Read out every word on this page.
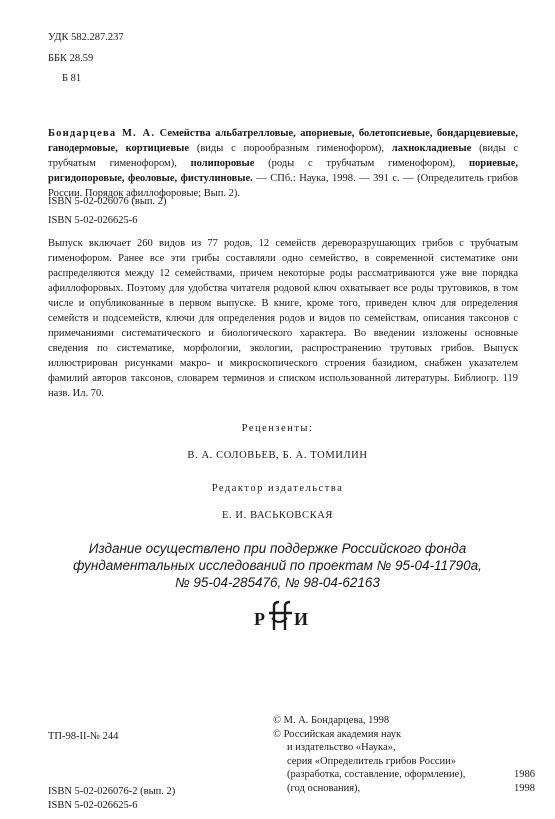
УДК 582.287.237
ББК 28.59
Б 81
Бондарцева М. А. Семейства альбатрелловые, апориевые, болетопсиевые, бондарцевиевые, ганодермовые, кортициевые (виды с порообразным гименофором), лахнокладиевые (виды с трубчатым гименофором), полипоровые (роды с трубчатым гименофором), пориевые, ригидопоровые, феоловые, фистулиновые. — СПб.: Наука, 1998. — 391 с. — (Определитель грибов России. Порядок афиллофоровые; Вып. 2).
ISBN 5-02-026076 (вып. 2)
ISBN 5-02-026625-6
Выпуск включает 260 видов из 77 родов, 12 семейств дереворазрушающих грибов с трубчатым гименофором. Ранее все эти грибы составляли одно семейство, в современной систематике они распределяются между 12 семействами, причем некоторые роды рассматриваются уже вне порядка афиллофоровых. Поэтому для удобства читателя родовой ключ охватывает все роды трутовиков, в том числе и опубликованные в первом выпуске. В книге, кроме того, приведен ключ для определения семейств и подсемейств, ключи для определения родов и видов по семействам, описания таксонов с примечаниями систематического и биологического характера. Во введении изложены основные сведения по систематике, морфологии, экологии, распространению трутовых грибов. Выпуск иллюстрирован рисунками макро- и микроскопического строения базидиом, снабжен указателем фамилий авторов таксонов, словарем терминов и списком использованной литературы. Библиогр. 119 назв. Ил. 70.
Рецензенты:
В. А. СОЛОВЬЕВ, Б. А. ТОМИЛИН
Редактор издательства
Е. И. ВАСЬКОВСКАЯ
Издание осуществлено при поддержке Российского фонда
фундаментальных исследований по проектам № 95-04-11790а,
№ 95-04-285476, № 98-04-62163
Р И
ТП-98-II-№ 244
ISBN 5-02-026076-2 (вып. 2)
ISBN 5-02-026625-6
© М. А. Бондарцева, 1998
© Российская академия наук
и издательство «Наука»,
серия «Определитель грибов России»
(разработка, составление, оформление),	1986
(год основания),	1998
